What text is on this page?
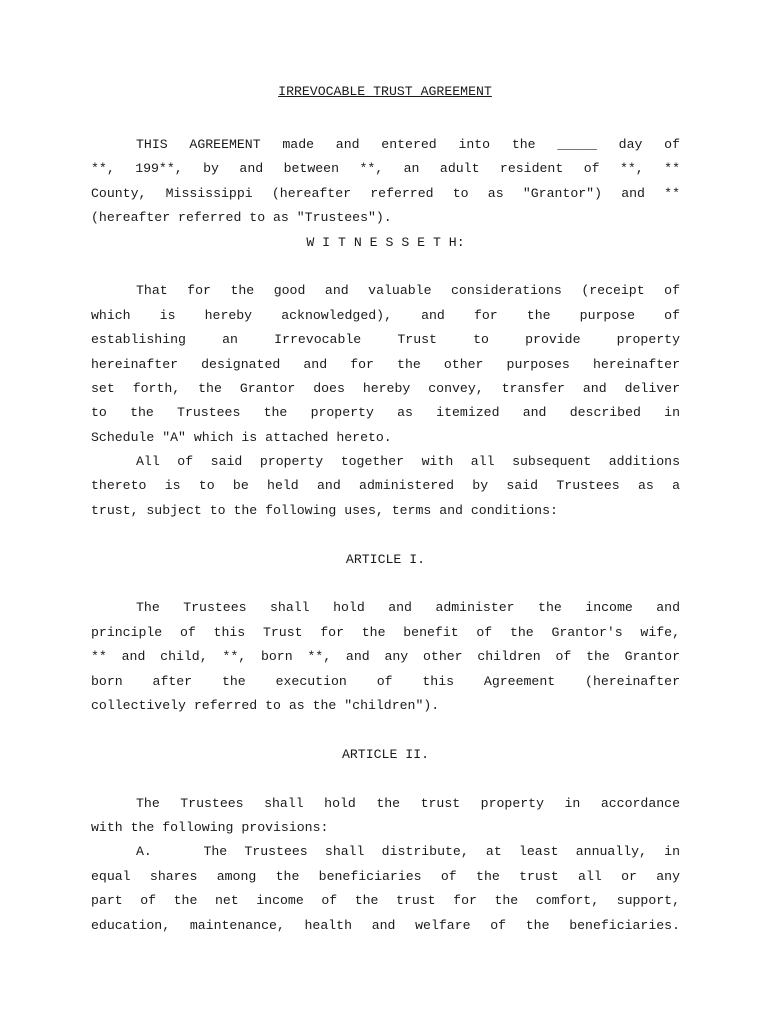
IRREVOCABLE TRUST AGREEMENT
THIS AGREEMENT made and entered into the _____ day of
**, 199**, by and between **, an adult resident of **, **
County, Mississippi (hereafter referred to as "Grantor") and **
(hereafter referred to as "Trustees").
W I T N E S S E T H:
That for the good and valuable considerations (receipt of
which is hereby acknowledged), and for the purpose of
establishing an Irrevocable Trust to provide property
hereinafter designated and for the other purposes hereinafter
set forth, the Grantor does hereby convey, transfer and deliver
to the Trustees the property as itemized and described in
Schedule "A" which is attached hereto.
All of said property together with all subsequent additions
thereto is to be held and administered by said Trustees as a
trust, subject to the following uses, terms and conditions:
ARTICLE I.
The Trustees shall hold and administer the income and
principle of this Trust for the benefit of the Grantor's wife,
** and child, **, born **, and any other children of the Grantor
born after the execution of this Agreement (hereinafter
collectively referred to as the "children").
ARTICLE II.
The Trustees shall hold the trust property in accordance
with the following provisions:
A.   The Trustees shall distribute, at least annually, in
equal shares among the beneficiaries of the trust all or any
part of the net income of the trust for the comfort, support,
education, maintenance, health and welfare of the beneficiaries.
